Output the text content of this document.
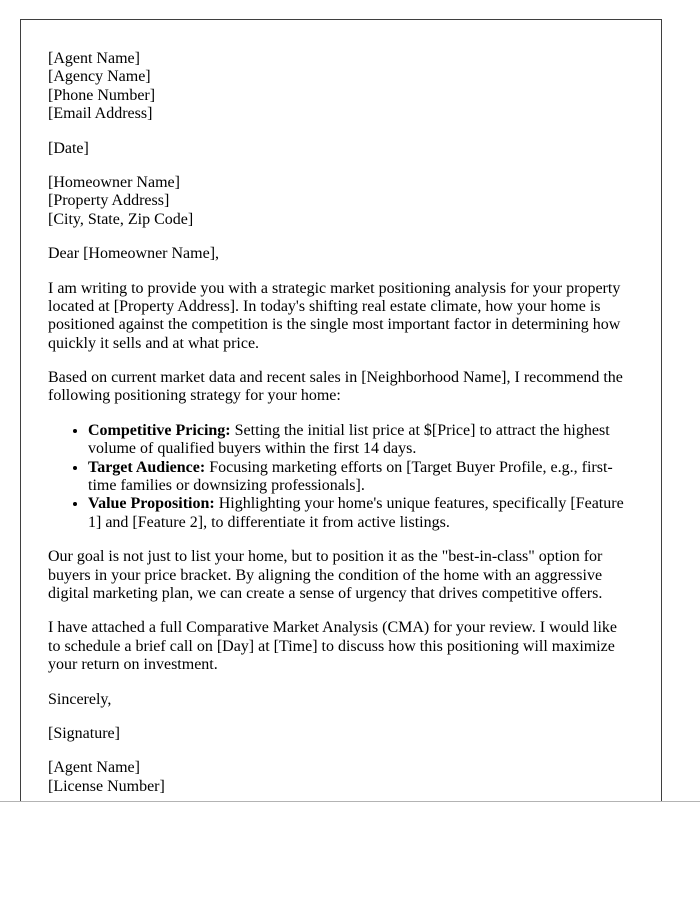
[Agent Name]
[Agency Name]
[Phone Number]
[Email Address]

[Date]

[Homeowner Name]
[Property Address]
[City, State, Zip Code]

Dear [Homeowner Name],

I am writing to provide you with a strategic market positioning analysis for your property located at [Property Address]. In today's shifting real estate climate, how your home is positioned against the competition is the single most important factor in determining how quickly it sells and at what price.

Based on current market data and recent sales in [Neighborhood Name], I recommend the following positioning strategy for your home:

• Competitive Pricing: Setting the initial list price at $[Price] to attract the highest volume of qualified buyers within the first 14 days.
• Target Audience: Focusing marketing efforts on [Target Buyer Profile, e.g., first-time families or downsizing professionals].
• Value Proposition: Highlighting your home's unique features, specifically [Feature 1] and [Feature 2], to differentiate it from active listings.

Our goal is not just to list your home, but to position it as the "best-in-class" option for buyers in your price bracket. By aligning the condition of the home with an aggressive digital marketing plan, we can create a sense of urgency that drives competitive offers.

I have attached a full Comparative Market Analysis (CMA) for your review. I would like to schedule a brief call on [Day] at [Time] to discuss how this positioning will maximize your return on investment.

Sincerely,

[Signature]

[Agent Name]
[License Number]
